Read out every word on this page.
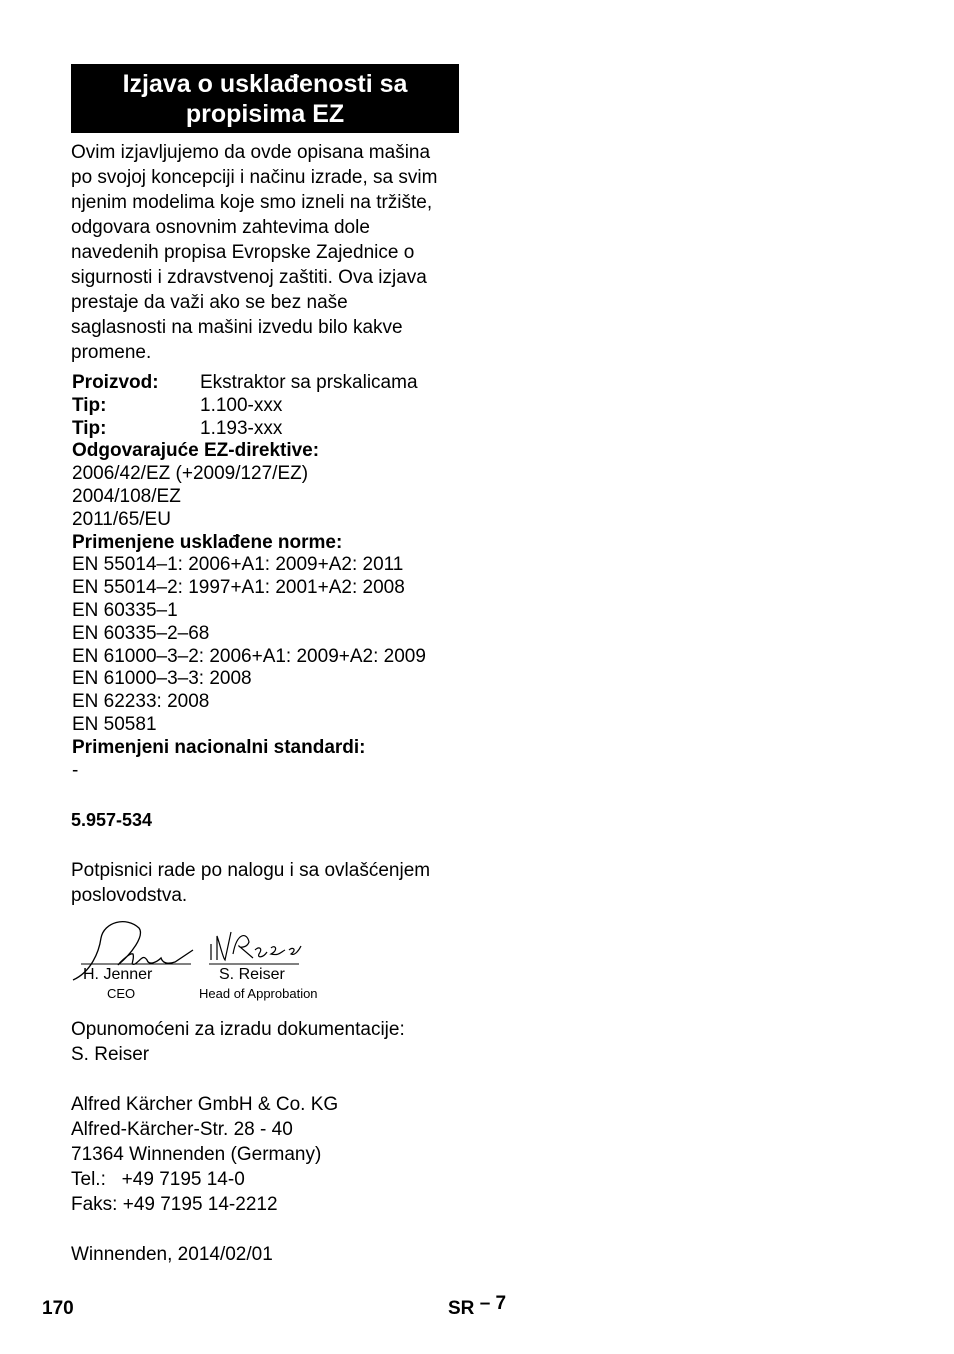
Izjava o usklađenosti sa
propisima EZ
Ovim izjavljujemo da ovde opisana mašina
po svojoj koncepciji i načinu izrade, sa svim
njenim modelima koje smo izneli na tržište,
odgovara osnovnim zahtevima dole
navedenih propisa Evropske Zajednice o
sigurnosti i zdravstvenoj zaštiti. Ova izjava
prestaje da važi ako se bez naše
saglasnosti na mašini izvedu bilo kakve
promene.
Proizvod:	Ekstraktor sa prskalicama
Tip:	1.100-xxx
Tip:	1.193-xxx
Odgovarajuće EZ-direktive:
2006/42/EZ (+2009/127/EZ)
2004/108/EZ
2011/65/EU
Primenjene usklađene norme:
EN 55014–1: 2006+A1: 2009+A2: 2011
EN 55014–2: 1997+A1: 2001+A2: 2008
EN 60335–1
EN 60335–2–68
EN 61000–3–2: 2006+A1: 2009+A2: 2009
EN 61000–3–3: 2008
EN 62233: 2008
EN 50581
Primenjeni nacionalni standardi:
-
5.957-534
Potpisnici rade po nalogu i sa ovlašćenjem
poslovodstva.
H. Jenner
CEO
S. Reiser
Head of Approbation
Opunomoćeni za izradu dokumentacije:
S. Reiser
Alfred Kärcher GmbH & Co. KG
Alfred-Kärcher-Str. 28 - 40
71364 Winnenden (Germany)
Tel.:   +49 7195 14-0
Faks: +49 7195 14-2212
Winnenden, 2014/02/01
170	SR – 7
